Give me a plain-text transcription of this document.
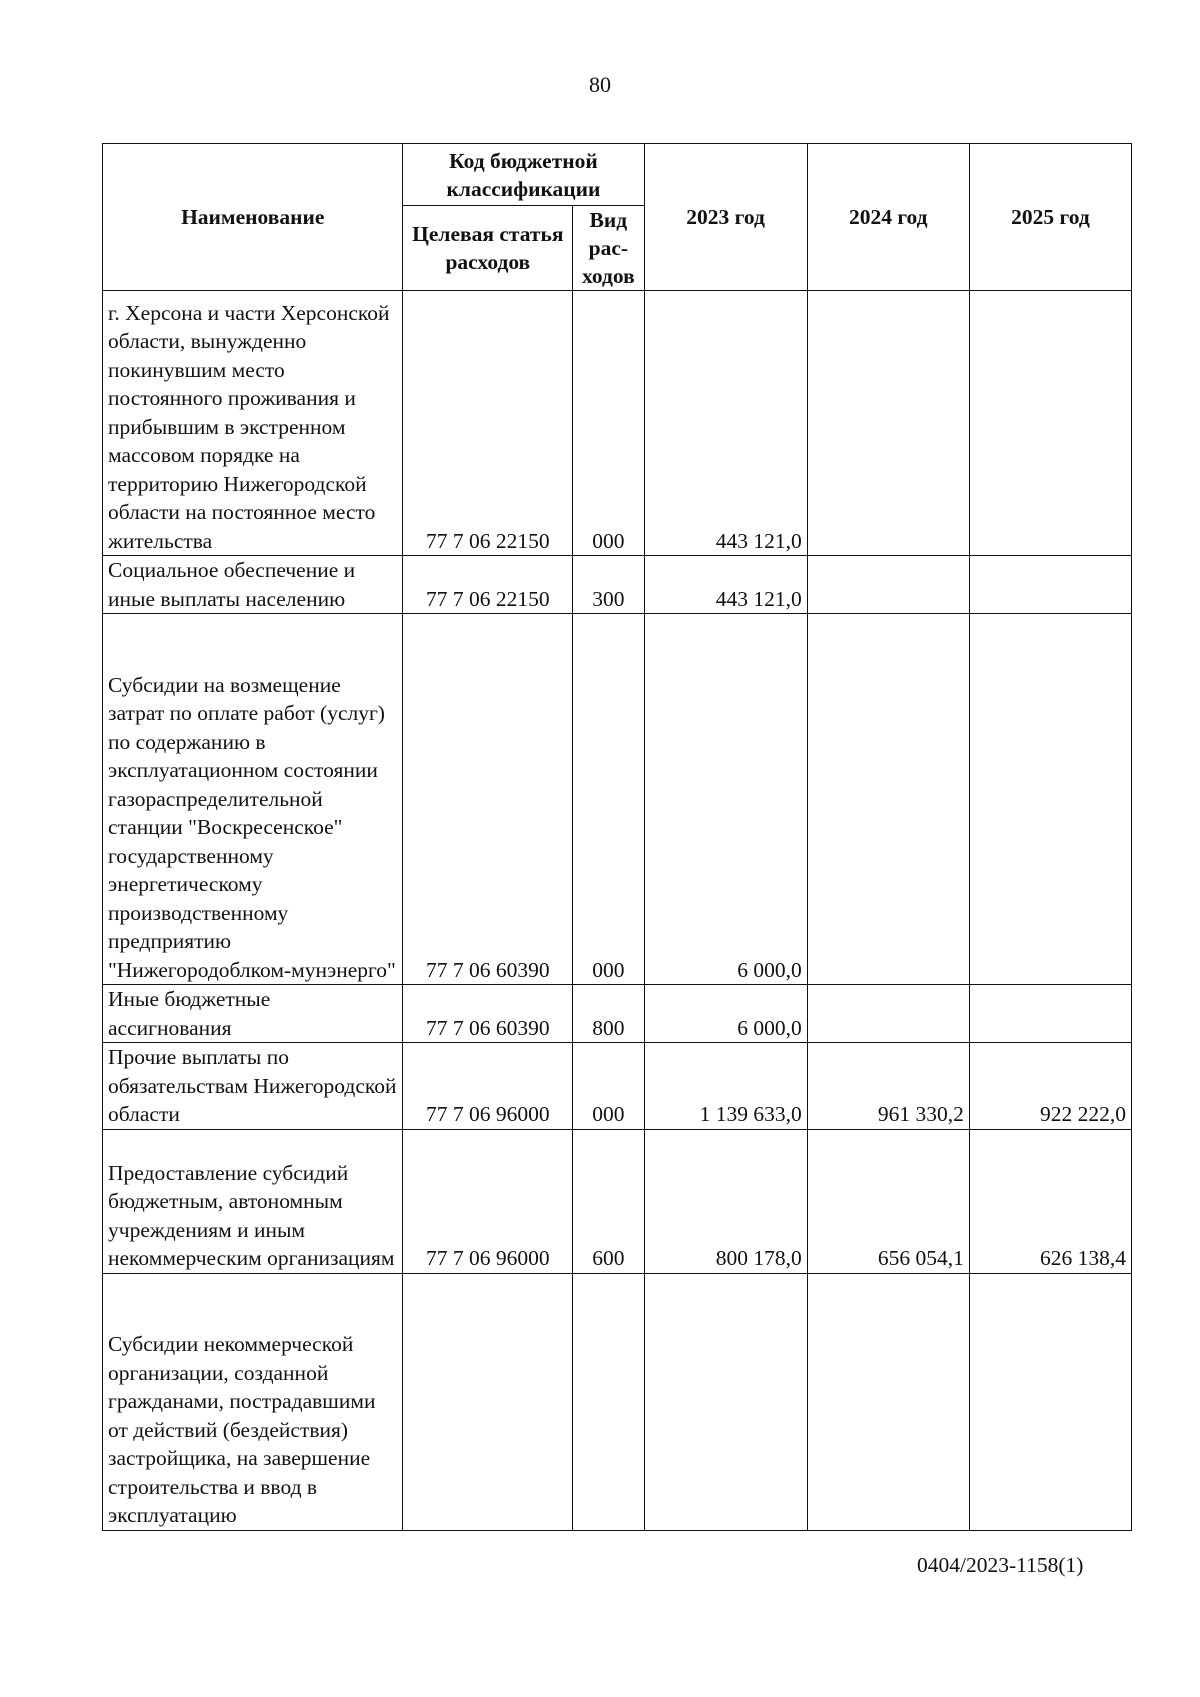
80
Наименование	Код бюджетной классификации		2023 год	2024 год	2025 год
	Целевая статья расходов	Вид рас-ходов			
г. Херсона и части Херсонской области, вынужденно покинувшим место постоянного проживания и прибывшим в экстренном массовом порядке на территорию Нижегородской области на постоянное место жительства	77 7 06 22150	000	443 121,0		
Социальное обеспечение и иные выплаты населению	77 7 06 22150	300	443 121,0		
Субсидии на возмещение затрат по оплате работ (услуг) по содержанию в эксплуатационном состоянии газораспределительной станции "Воскресенское" государственному энергетическому производственному предприятию "Нижегородоблком-мунэнерго"	77 7 06 60390	000	6 000,0		
Иные бюджетные ассигнования	77 7 06 60390	800	6 000,0		
Прочие выплаты по обязательствам Нижегородской области	77 7 06 96000	000	1 139 633,0	961 330,2	922 222,0
Предоставление субсидий бюджетным, автономным учреждениям и иным некоммерческим организациям	77 7 06 96000	600	800 178,0	656 054,1	626 138,4
Субсидии некоммерческой организации, созданной гражданами, пострадавшими от действий (бездействия) застройщика, на завершение строительства и ввод в эксплуатацию					
0404/2023-1158(1)
